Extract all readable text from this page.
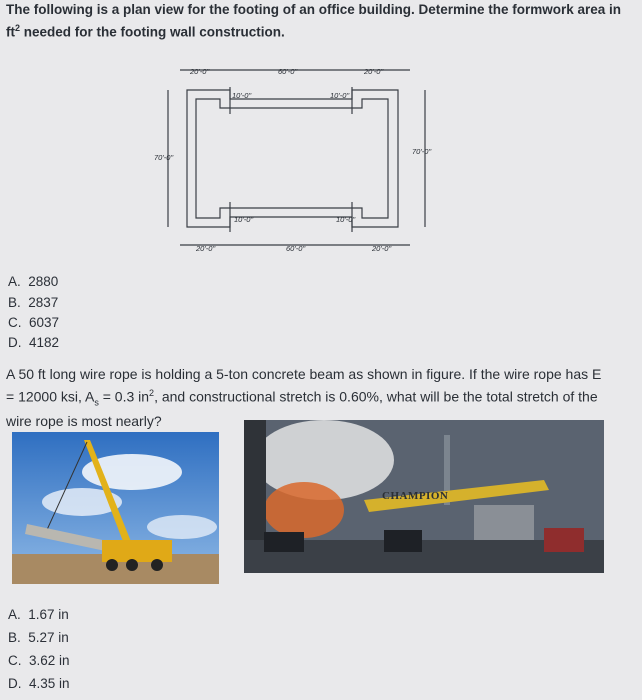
The following is a plan view for the footing of an office building. Determine the formwork area in
$ft^2$ needed for the footing wall construction.
20'-0"	60'-0"	20'-0"
10'-0"	10'-0"
70'-0"
70'-0"
10'-0"	10'-0"
20'-0"	60'-0"	20'-0"
A. 2880
B. 2837
C. 6037
D. 4182
A 50 ft long wire rope is holding a 5-ton concrete beam as shown in figure. If the wire rope has E
= 12000 ksi, $A_s = 0.3$ $in^2$, and constructional stretch is 0.60%, what will be the total stretch of the
wire rope is most nearly?
CHAMPION
A. 1.67 in
B. 5.27 in
C. 3.62 in
D. 4.35 in
